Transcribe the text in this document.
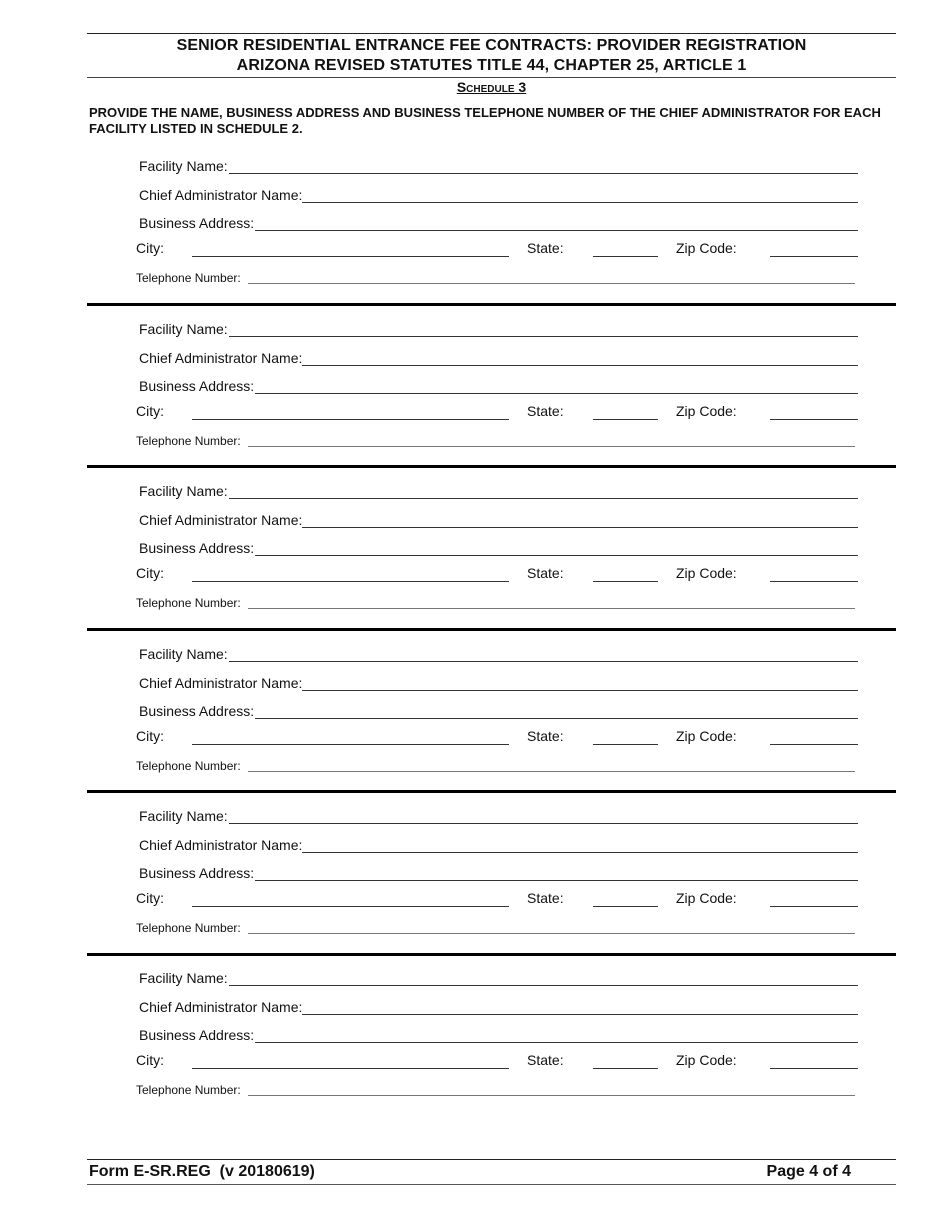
SENIOR RESIDENTIAL ENTRANCE FEE CONTRACTS: PROVIDER REGISTRATION
ARIZONA REVISED STATUTES TITLE 44, CHAPTER 25, ARTICLE 1
Schedule 3
PROVIDE THE NAME, BUSINESS ADDRESS AND BUSINESS TELEPHONE NUMBER OF THE CHIEF ADMINISTRATOR FOR EACH FACILITY LISTED IN SCHEDULE 2.
Facility Name:
Chief Administrator Name:
Business Address:
City:	State:	Zip Code:
Telephone Number:
Facility Name:
Chief Administrator Name:
Business Address:
City:	State:	Zip Code:
Telephone Number:
Facility Name:
Chief Administrator Name:
Business Address:
City:	State:	Zip Code:
Telephone Number:
Facility Name:
Chief Administrator Name:
Business Address:
City:	State:	Zip Code:
Telephone Number:
Facility Name:
Chief Administrator Name:
Business Address:
City:	State:	Zip Code:
Telephone Number:
Facility Name:
Chief Administrator Name:
Business Address:
City:	State:	Zip Code:
Telephone Number:
Form E-SR.REG  (v 20180619)	Page 4 of 4
